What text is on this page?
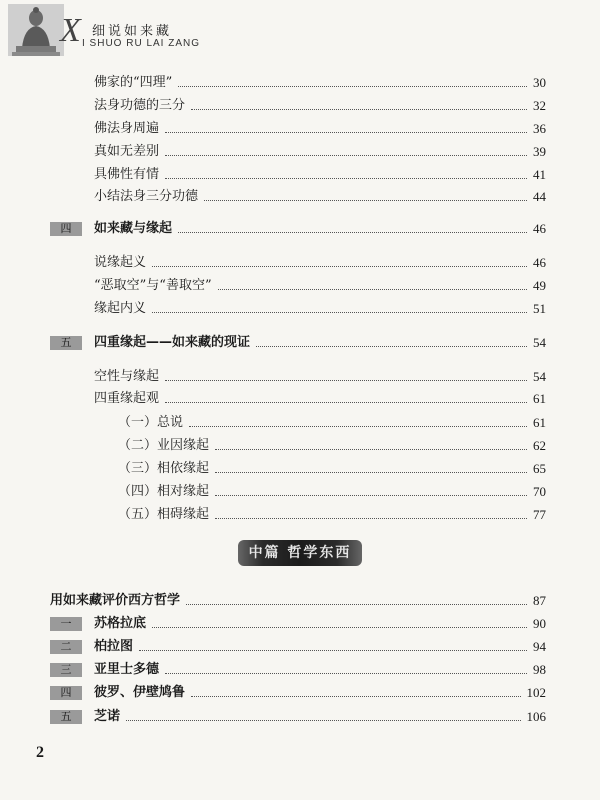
X 细说如来藏
I SHUO RU LAI ZANG
佛家的“四理”	30
法身功德的三分	32
佛法身周遍	36
真如无差别	39
具佛性有情	41
小结法身三分功德	44
四	如来藏与缘起	46
说缘起义	46
“恶取空”与“善取空”	49
缘起内义	51
五	四重缘起——如来藏的现证	54
空性与缘起	54
四重缘起观	61
（一）总说	61
（二）业因缘起	62
（三）相依缘起	65
（四）相对缘起	70
（五）相碍缘起	77
中篇 哲学东西
用如来藏评价西方哲学	87
一	苏格拉底	90
二	柏拉图	94
三	亚里士多德	98
四	彼罗、伊壁鸠鲁	102
五	芝诺	106
2
